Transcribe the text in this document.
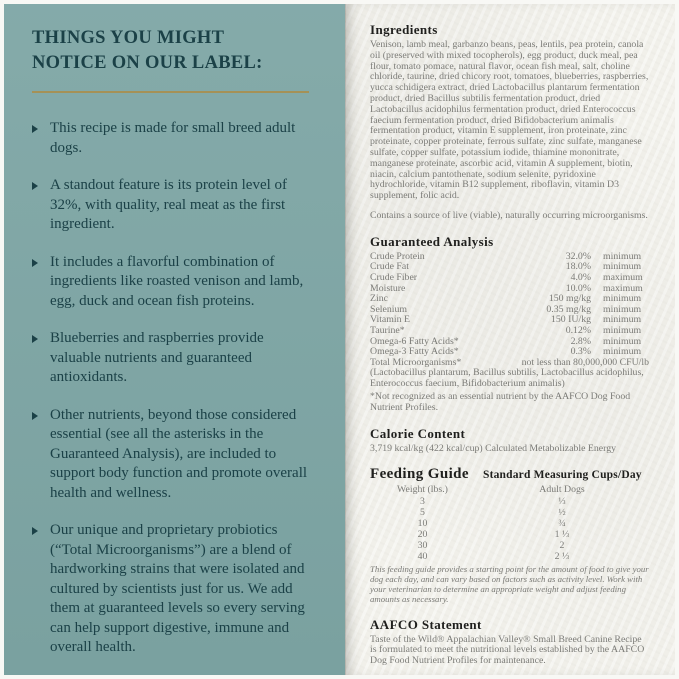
THINGS YOU MIGHT
NOTICE ON OUR LABEL:
This recipe is made for small breed adult dogs.
A standout feature is its protein level of 32%, with quality, real meat as the first ingredient.
It includes a flavorful combination of ingredients like roasted venison and lamb, egg, duck and ocean fish proteins.
Blueberries and raspberries provide valuable nutrients and guaranteed antioxidants.
Other nutrients, beyond those considered essential (see all the asterisks in the Guaranteed Analysis), are included to support body function and promote overall health and wellness.
Our unique and proprietary probiotics (“Total Microorganisms”) are a blend of hardworking strains that were isolated and cultured by scientists just for us. We add them at guaranteed levels so every serving can help support digestive, immune and overall health.
Ingredients

Venison, lamb meal, garbanzo beans, peas, lentils, pea protein, canola oil (preserved with mixed tocopherols), egg product, duck meal, pea flour, tomato pomace, natural flavor, ocean fish meal, salt, choline chloride, taurine, dried chicory root, tomatoes, blueberries, raspberries, yucca schidigera extract, dried Lactobacillus plantarum fermentation product, dried Bacillus subtilis fermentation product, dried Lactobacillus acidophilus fermentation product, dried Enterococcus faecium fermentation product, dried Bifidobacterium animalis fermentation product, vitamin E supplement, iron proteinate, zinc proteinate, copper proteinate, ferrous sulfate, zinc sulfate, manganese sulfate, copper sulfate, potassium iodide, thiamine mononitrate, manganese proteinate, ascorbic acid, vitamin A supplement, biotin, niacin, calcium pantothenate, sodium selenite, pyridoxine hydrochloride, vitamin B12 supplement, riboflavin, vitamin D3 supplement, folic acid.

Contains a source of live (viable), naturally occurring microorganisms.

Guaranteed Analysis
Crude Protein	32.0%	minimum
Crude Fat	18.0%	minimum
Crude Fiber	4.0%	maximum
Moisture	10.0%	maximum
Zinc	150 mg/kg	minimum
Selenium	0.35 mg/kg	minimum
Vitamin E	150 IU/kg	minimum
Taurine*	0.12%	minimum
Omega-6 Fatty Acids*	2.8%	minimum
Omega-3 Fatty Acids*	0.3%	minimum
Total Microorganisms*	not less than 80,000,000 CFU/lb

(Lactobacillus plantarum, Bacillus subtilis, Lactobacillus acidophilus, Enterococcus faecium, Bifidobacterium animalis)

*Not recognized as an essential nutrient by the AAFCO Dog Food Nutrient Profiles.

Calorie Content

3,719 kcal/kg (422 kcal/cup) Calculated Metabolizable Energy

Feeding Guide Standard Measuring Cups/Day
Weight (lbs.)	Adult Dogs
3	⅓
5	½
10	¾
20	1 ⅓
30	2
40	2 ⅓

This feeding guide provides a starting point for the amount of food to give your dog each day, and can vary based on factors such as activity level. Work with your veterinarian to determine an appropriate weight and adjust feeding amounts as necessary.

AAFCO Statement

Taste of the Wild® Appalachian Valley® Small Breed Canine Recipe is formulated to meet the nutritional levels established by the AAFCO Dog Food Nutrient Profiles for maintenance.
